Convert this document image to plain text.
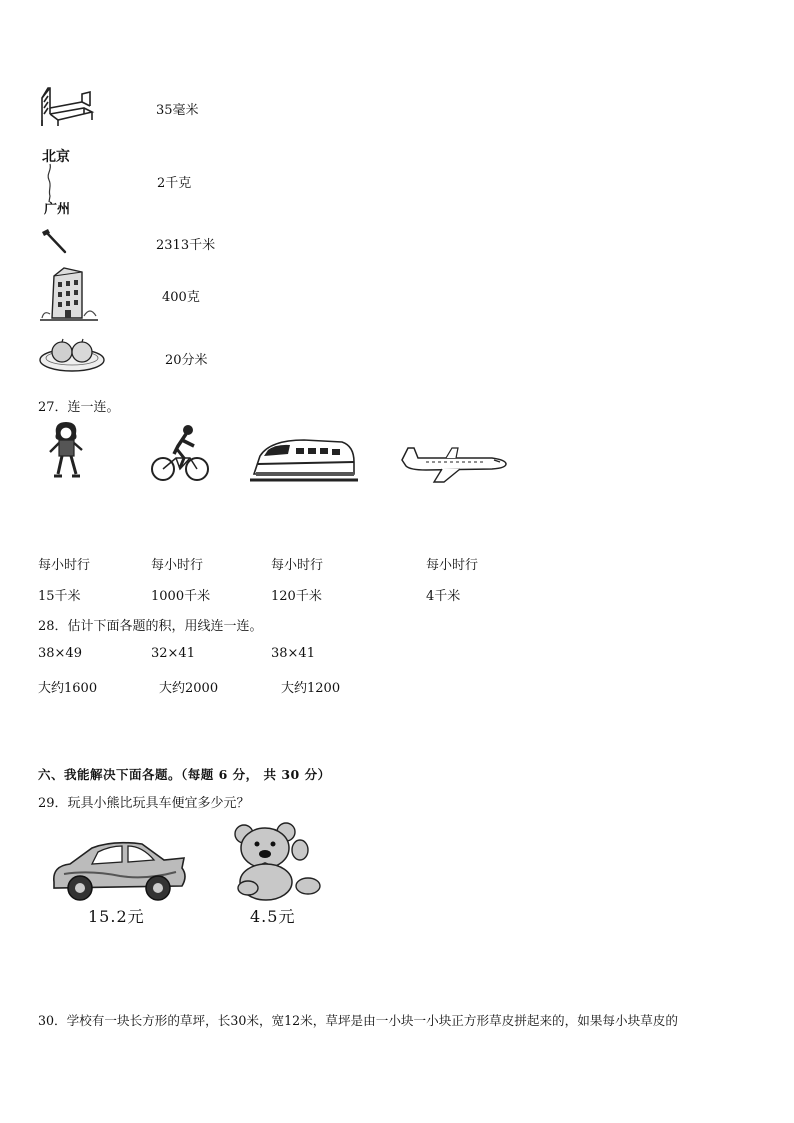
35毫米
北京
广州
2千克
2313千米
400克
20分米
27．连一连。
每小时行	每小时行	每小时行	每小时行
15千米	1000千米	120千米	4千米
28．估计下面各题的积，用线连一连。
38×49	32×41	38×41
大约1600	大约2000	大约1200
六、我能解决下面各题。（每题 6 分， 共 30 分）
29．玩具小熊比玩具车便宜多少元？
15.2元	4.5元
30．学校有一块长方形的草坪，长30米，宽12米，草坪是由一小块一小块正方形草皮拼起来的，如果每小块草皮的
